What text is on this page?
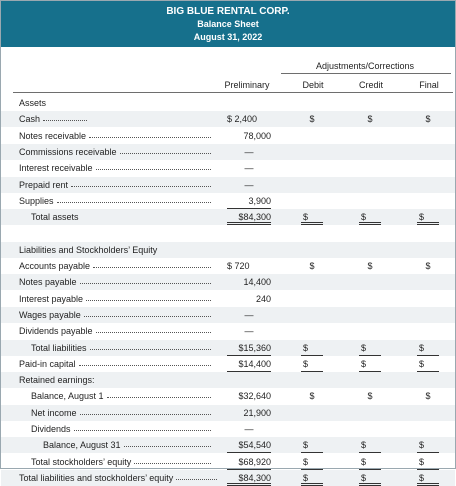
BIG BLUE RENTAL CORP.
Balance Sheet
August 31, 2022
Adjustments/Corrections
Preliminary	Debit	Credit	Final
Assets
Cash	$ 2,400	$	$	$
Notes receivable	78,000
Commissions receivable	—
Interest receivable	—
Prepaid rent	—
Supplies	3,900
Total assets	$84,300	$	$	$
Liabilities and Stockholders’ Equity
Accounts payable	$ 720	$	$	$
Notes payable	14,400
Interest payable	240
Wages payable	—
Dividends payable	—
Total liabilities	$15,360	$	$	$
Paid-in capital	$14,400	$	$	$
Retained earnings:
Balance, August 1	$32,640	$	$	$
Net income	21,900
Dividends	—
Balance, August 31	$54,540	$	$	$
Total stockholders’ equity	$68,920	$	$	$
Total liabilities and stockholders’ equity	$84,300	$	$	$
